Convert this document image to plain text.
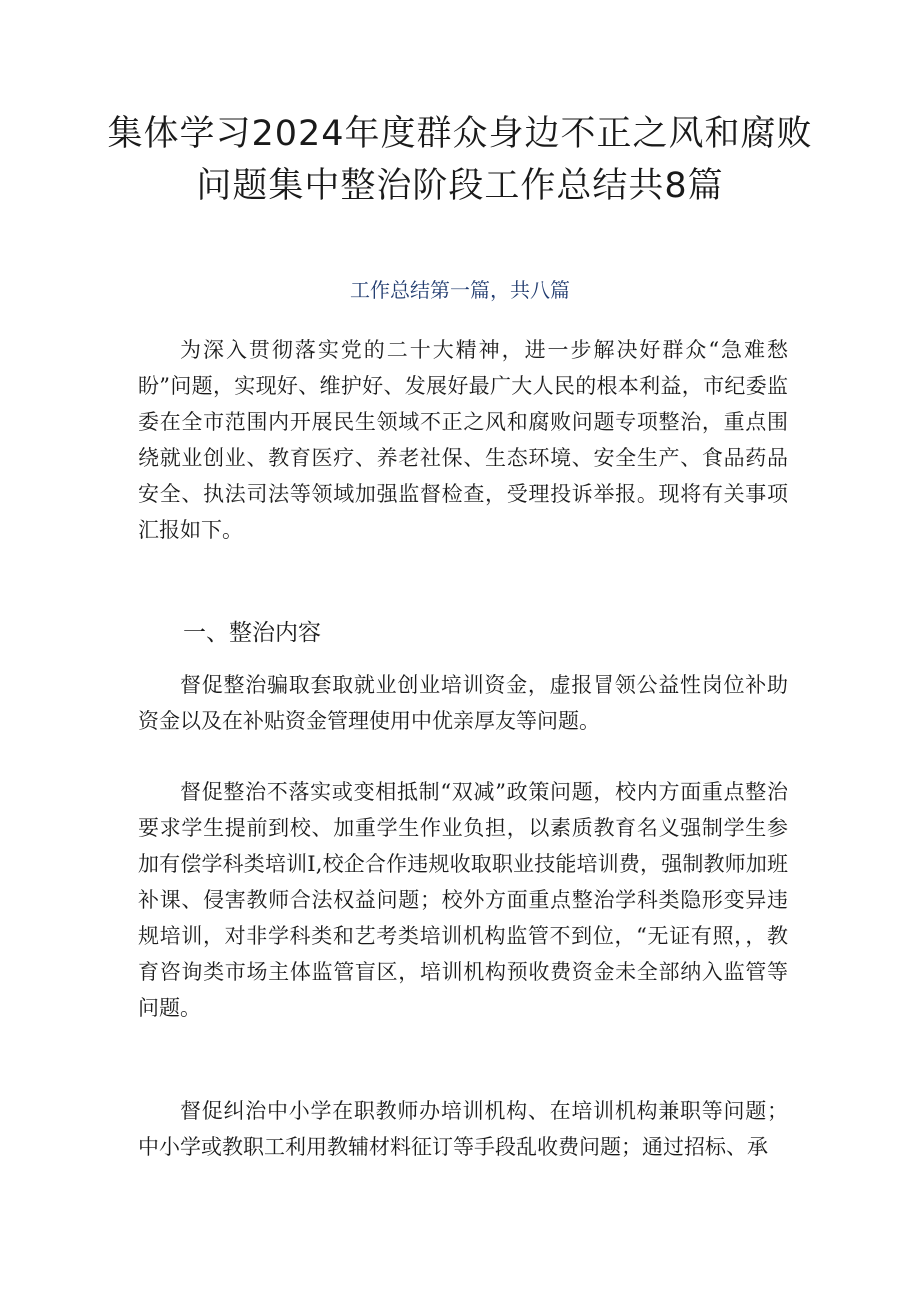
集体学习2024年度群众身边不正之风和腐败问题集中整治阶段工作总结共8篇
工作总结第一篇，共八篇

为深入贯彻落实党的二十大精神，进一步解决好群众“急难愁盼”问题，实现好、维护好、发展好最广大人民的根本利益，市纪委监委在全市范围内开展民生领域不正之风和腐败问题专项整治，重点围绕就业创业、教育医疗、养老社保、生态环境、安全生产、食品药品安全、执法司法等领域加强监督检查，受理投诉举报。现将有关事项汇报如下。

一、整治内容

督促整治骗取套取就业创业培训资金，虚报冒领公益性岗位补助资金以及在补贴资金管理使用中优亲厚友等问题。

督促整治不落实或变相抵制“双减”政策问题，校内方面重点整治要求学生提前到校、加重学生作业负担，以素质教育名义强制学生参加有偿学科类培训Ⅰ,校企合作违规收取职业技能培训费，强制教师加班补课、侵害教师合法权益问题；校外方面重点整治学科类隐形变异违规培训，对非学科类和艺考类培训机构监管不到位，“无证有照，，教育咨询类市场主体监管盲区，培训机构预收费资金未全部纳入监管等问题。

督促纠治中小学在职教师办培训机构、在培训机构兼职等问题；中小学或教职工利用教辅材料征订等手段乱收费问题；通过招标、承
